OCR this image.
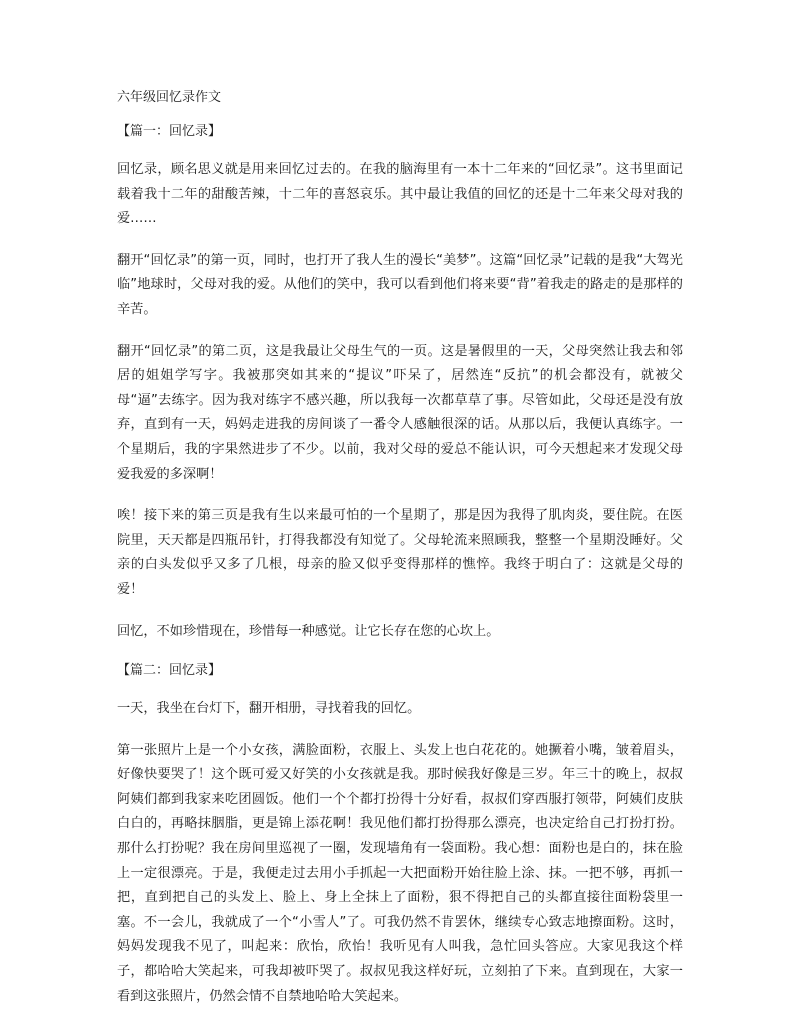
六年级回忆录作文
【篇一：回忆录】

回忆录，顾名思义就是用来回忆过去的。在我的脑海里有一本十二年来的“回忆录”。这书里面记载着我十二年的甜酸苦辣，十二年的喜怒哀乐。其中最让我值的回忆的还是十二年来父母对我的爱……

翻开“回忆录”的第一页，同时，也打开了我人生的漫长“美梦”。这篇“回忆录”记载的是我“大驾光临”地球时，父母对我的爱。从他们的笑中，我可以看到他们将来要“背”着我走的路走的是那样的辛苦。

翻开“回忆录”的第二页，这是我最让父母生气的一页。这是暑假里的一天，父母突然让我去和邻居的姐姐学写字。我被那突如其来的“提议”吓呆了，居然连“反抗”的机会都没有，就被父母“逼”去练字。因为我对练字不感兴趣，所以我每一次都草草了事。尽管如此，父母还是没有放弃，直到有一天，妈妈走进我的房间谈了一番令人感触很深的话。从那以后，我便认真练字。一个星期后，我的字果然进步了不少。以前，我对父母的爱总不能认识，可今天想起来才发现父母爱我爱的多深啊！

唉！接下来的第三页是我有生以来最可怕的一个星期了，那是因为我得了肌肉炎，要住院。在医院里，天天都是四瓶吊针，打得我都没有知觉了。父母轮流来照顾我，整整一个星期没睡好。父亲的白头发似乎又多了几根，母亲的脸又似乎变得那样的憔悴。我终于明白了：这就是父母的爱！

回忆，不如珍惜现在，珍惜每一种感觉。让它长存在您的心坎上。

【篇二：回忆录】

一天，我坐在台灯下，翻开相册，寻找着我的回忆。

第一张照片上是一个小女孩，满脸面粉，衣服上、头发上也白花花的。她撅着小嘴，皱着眉头，好像快要哭了！这个既可爱又好笑的小女孩就是我。那时候我好像是三岁。年三十的晚上，叔叔阿姨们都到我家来吃团圆饭。他们一个个都打扮得十分好看，叔叔们穿西服打领带，阿姨们皮肤白白的，再略抹胭脂，更是锦上添花啊！我见他们都打扮得那么漂亮，也决定给自己打扮打扮。那什么打扮呢？我在房间里巡视了一圈，发现墙角有一袋面粉。我心想：面粉也是白的，抹在脸上一定很漂亮。于是，我便走过去用小手抓起一大把面粉开始往脸上涂、抹。一把不够，再抓一把，直到把自己的头发上、脸上、身上全抹上了面粉，狠不得把自己的头都直接往面粉袋里一塞。不一会儿，我就成了一个“小雪人”了。可我仍然不肯罢休，继续专心致志地擦面粉。这时，妈妈发现我不见了，叫起来：欣怡，欣怡！我听见有人叫我，急忙回头答应。大家见我这个样子，都哈哈大笑起来，可我却被吓哭了。叔叔见我这样好玩，立刻拍了下来。直到现在，大家一看到这张照片，仍然会情不自禁地哈哈大笑起来。
